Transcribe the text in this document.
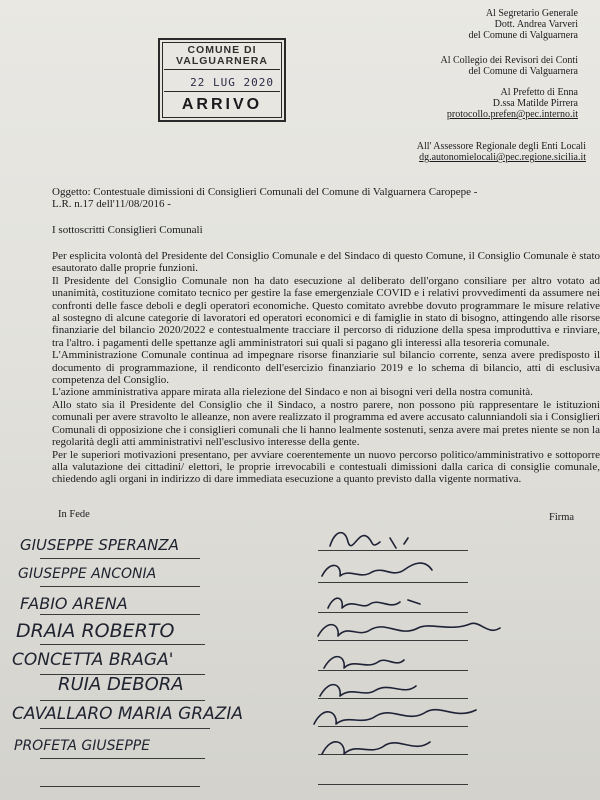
COMUNE DI
VALGUARNERA
22 LUG 2020
ARRIVO
Al Segretario Generale
Dott. Andrea Varveri
del Comune di Valguarnera
Al Collegio dei Revisori dei Conti
del Comune di Valguarnera
Al Prefetto di Enna
D.ssa Matilde Pirrera
protocollo.prefen@pec.interno.it
All' Assessore Regionale degli Enti Locali
dg.autonomielocali@pec.regione.sicilia.it
Oggetto: Contestuale dimissioni di Consiglieri Comunali del Comune di Valguarnera Caropepe - L.R. n.17 dell'11/08/2016 -
I sottoscritti Consiglieri Comunali

Per esplicita volontà del Presidente del Consiglio Comunale e del Sindaco di questo Comune, il Consiglio Comunale è stato esautorato dalle proprie funzioni.

Il Presidente del Consiglio Comunale non ha dato esecuzione al deliberato dell'organo consiliare per altro votato ad unanimità, costituzione comitato tecnico per gestire la fase emergenziale COVID e i relativi provvedimenti da assumere nei confronti delle fasce deboli e degli operatori economiche. Questo comitato avrebbe dovuto programmare le misure relative al sostegno di alcune categorie di lavoratori ed operatori economici e di famiglie in stato di bisogno, attingendo alle risorse finanziarie del bilancio 2020/2022 e contestualmente tracciare il percorso di riduzione della spesa improduttiva e rinviare, tra l'altro. i pagamenti delle spettanze agli amministratori sui quali si pagano gli interessi alla tesoreria comunale.

L'Amministrazione Comunale continua ad impegnare risorse finanziarie sul bilancio corrente, senza avere predisposto il documento di programmazione, il rendiconto dell'esercizio finanziario 2019 e lo schema di bilancio, atti di esclusiva competenza del Consiglio.

L'azione amministrativa appare mirata alla rielezione del Sindaco e non ai bisogni veri della nostra comunità.

Allo stato sia il Presidente del Consiglio che il Sindaco, a nostro parere, non possono più rappresentare le istituzioni comunali per avere stravolto le alleanze, non avere realizzato il programma ed avere accusato calunniandoli sia i Consiglieri Comunali di opposizione che i consiglieri comunali che li hanno lealmente sostenuti, senza avere mai pretes niente se non la regolarità degli atti amministrativi nell'esclusivo interesse della gente.

Per le superiori motivazioni presentano, per avviare coerentemente un nuovo percorso politico/amministrativo e sottoporre alla valutazione dei cittadini/ elettori, le proprie irrevocabili e contestuali dimissioni dalla carica di consiglie comunale, chiedendo agli organi in indirizzo di dare immediata esecuzione a quanto previsto dalla vigente normativa.

In Fede	Firma
GIUSEPPE SPERANZA
GIUSEPPE ANCONIA
FABIO ARENA
DRAIA ROBERTO
CONCETTA BRAGA'
RUIA DEBORA
CAVALLARO MARIA GRAZIA
PROFETA GIUSEPPE
